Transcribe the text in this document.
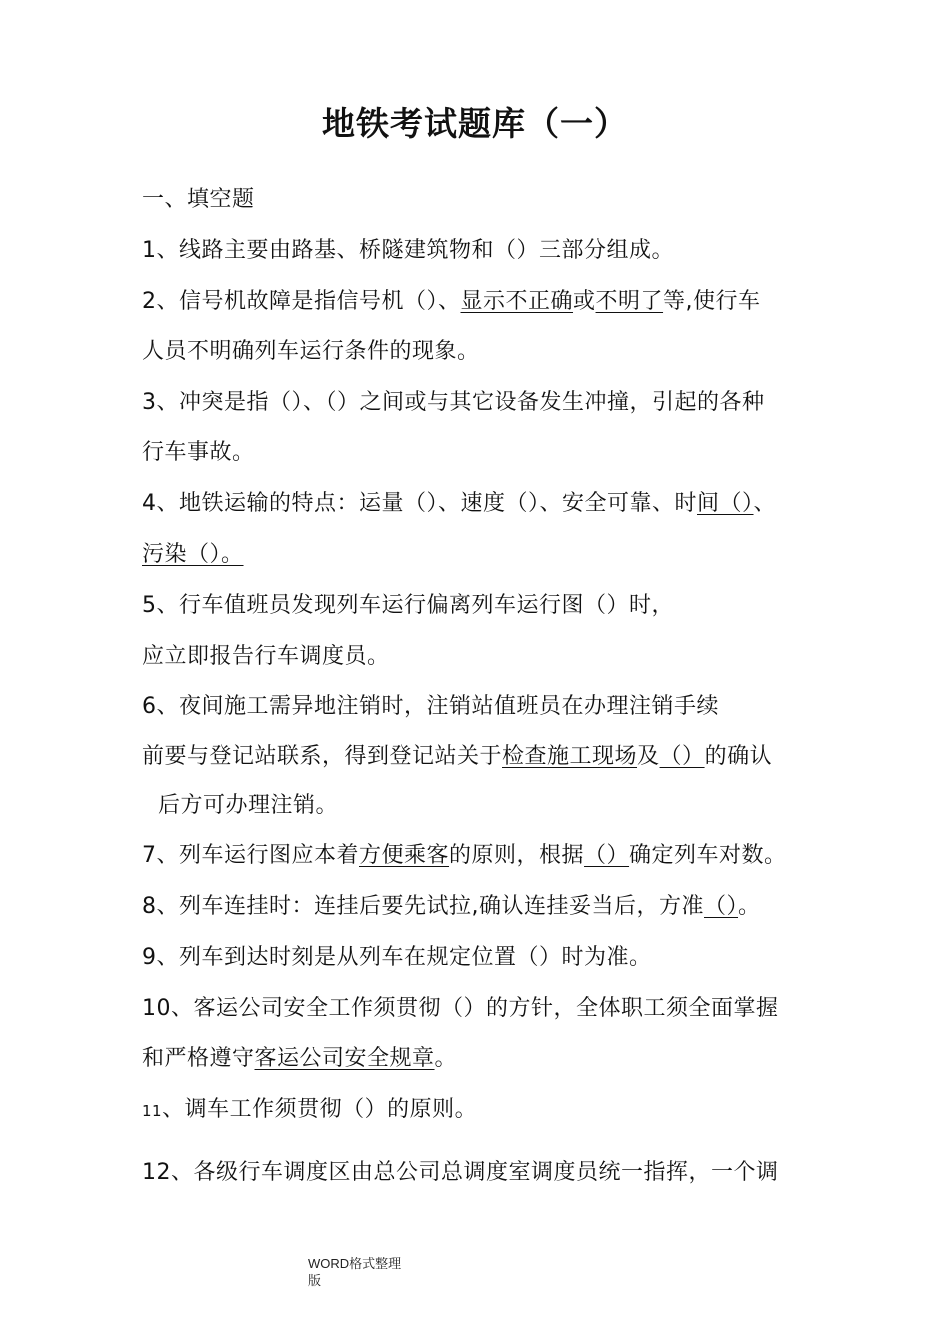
地铁考试题库（一）
一、填空题
1、线路主要由路基、桥隧建筑物和（）三部分组成。
2、信号机故障是指信号机（）、显示不正确或不明了等,使行车
人员不明确列车运行条件的现象。
3、冲突是指（）、（）之间或与其它设备发生冲撞，引起的各种
行车事故。
4、地铁运输的特点：运量（）、速度（）、安全可靠、时间（）、
污染（）。
5、行车值班员发现列车运行偏离列车运行图（）时，
应立即报告行车调度员。
6、夜间施工需异地注销时，注销站值班员在办理注销手续
前要与登记站联系，得到登记站关于检查施工现场及（）的确认
后方可办理注销。
7、列车运行图应本着方便乘客的原则，根据（）确定列车对数。
8、列车连挂时：连挂后要先试拉,确认连挂妥当后，方准（）。
9、列车到达时刻是从列车在规定位置（）时为准。
10、客运公司安全工作须贯彻（）的方针，全体职工须全面掌握
和严格遵守客运公司安全规章。
11、调车工作须贯彻（）的原则。
12、各级行车调度区由总公司总调度室调度员统一指挥，一个调
WORD格式整理
版
